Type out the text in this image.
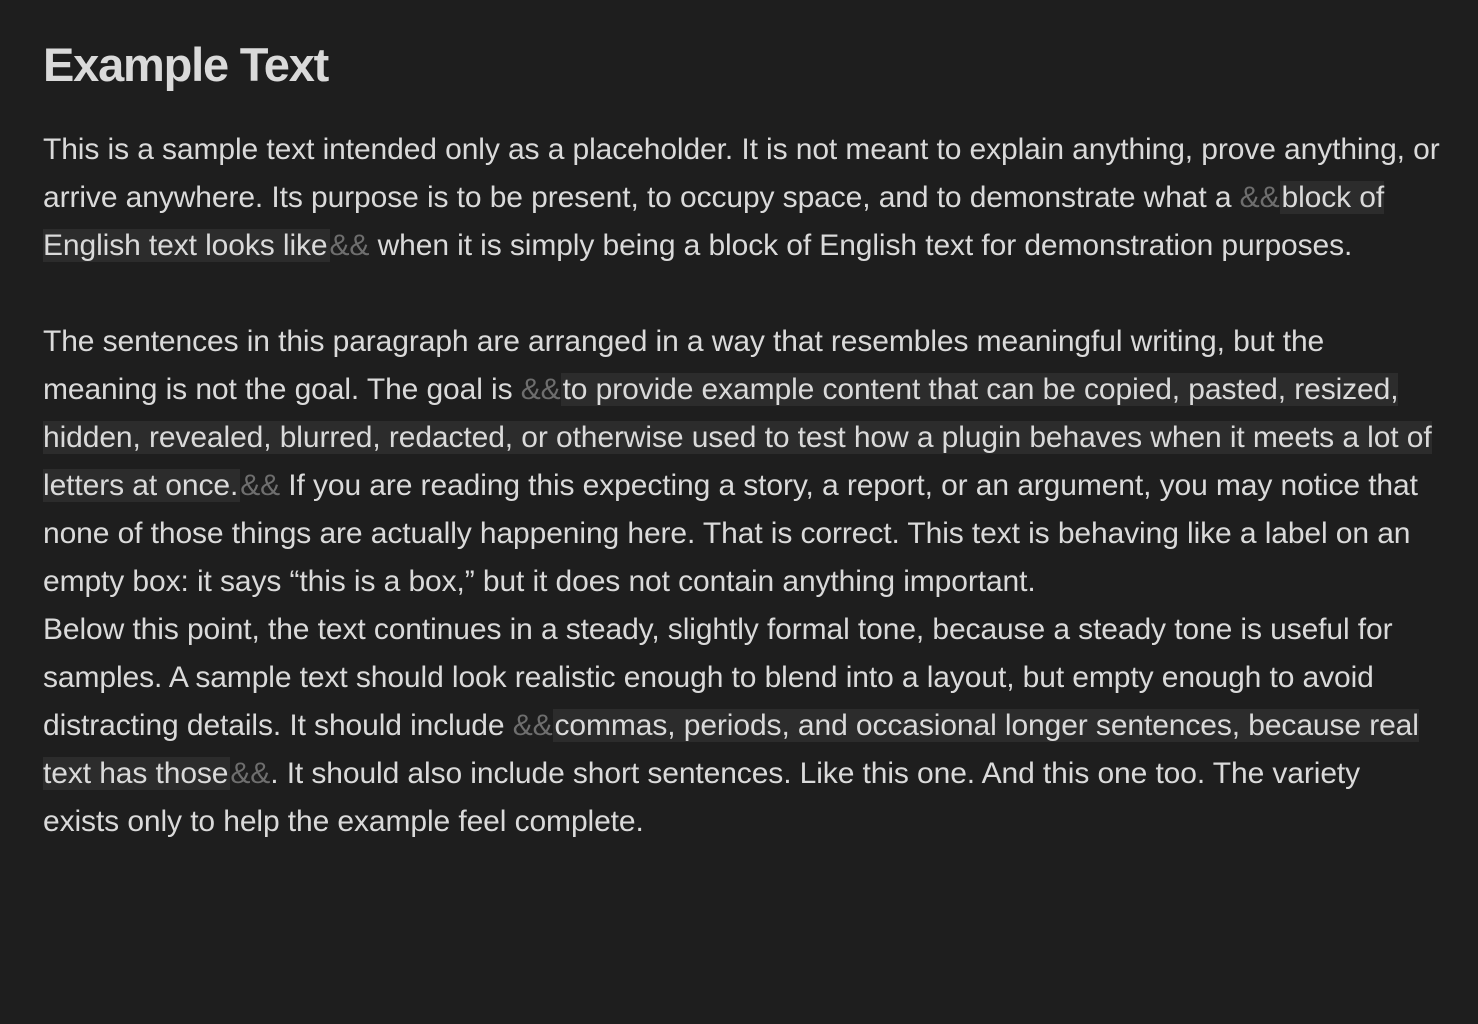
Example Text

This is a sample text intended only as a placeholder. It is not meant to explain anything, prove anything, or arrive anywhere. Its purpose is to be present, to occupy space, and to demonstrate what a &&block of English text looks like&& when it is simply being a block of English text for demonstration purposes.

The sentences in this paragraph are arranged in a way that resembles meaningful writing, but the meaning is not the goal. The goal is &&to provide example content that can be copied, pasted, resized, hidden, revealed, blurred, redacted, or otherwise used to test how a plugin behaves when it meets a lot of letters at once.&& If you are reading this expecting a story, a report, or an argument, you may notice that none of those things are actually happening here. That is correct. This text is behaving like a label on an empty box: it says “this is a box,” but it does not contain anything important.

Below this point, the text continues in a steady, slightly formal tone, because a steady tone is useful for samples. A sample text should look realistic enough to blend into a layout, but empty enough to avoid distracting details. It should include &&commas, periods, and occasional longer sentences, because real text has those&&. It should also include short sentences. Like this one. And this one too. The variety exists only to help the example feel complete.
